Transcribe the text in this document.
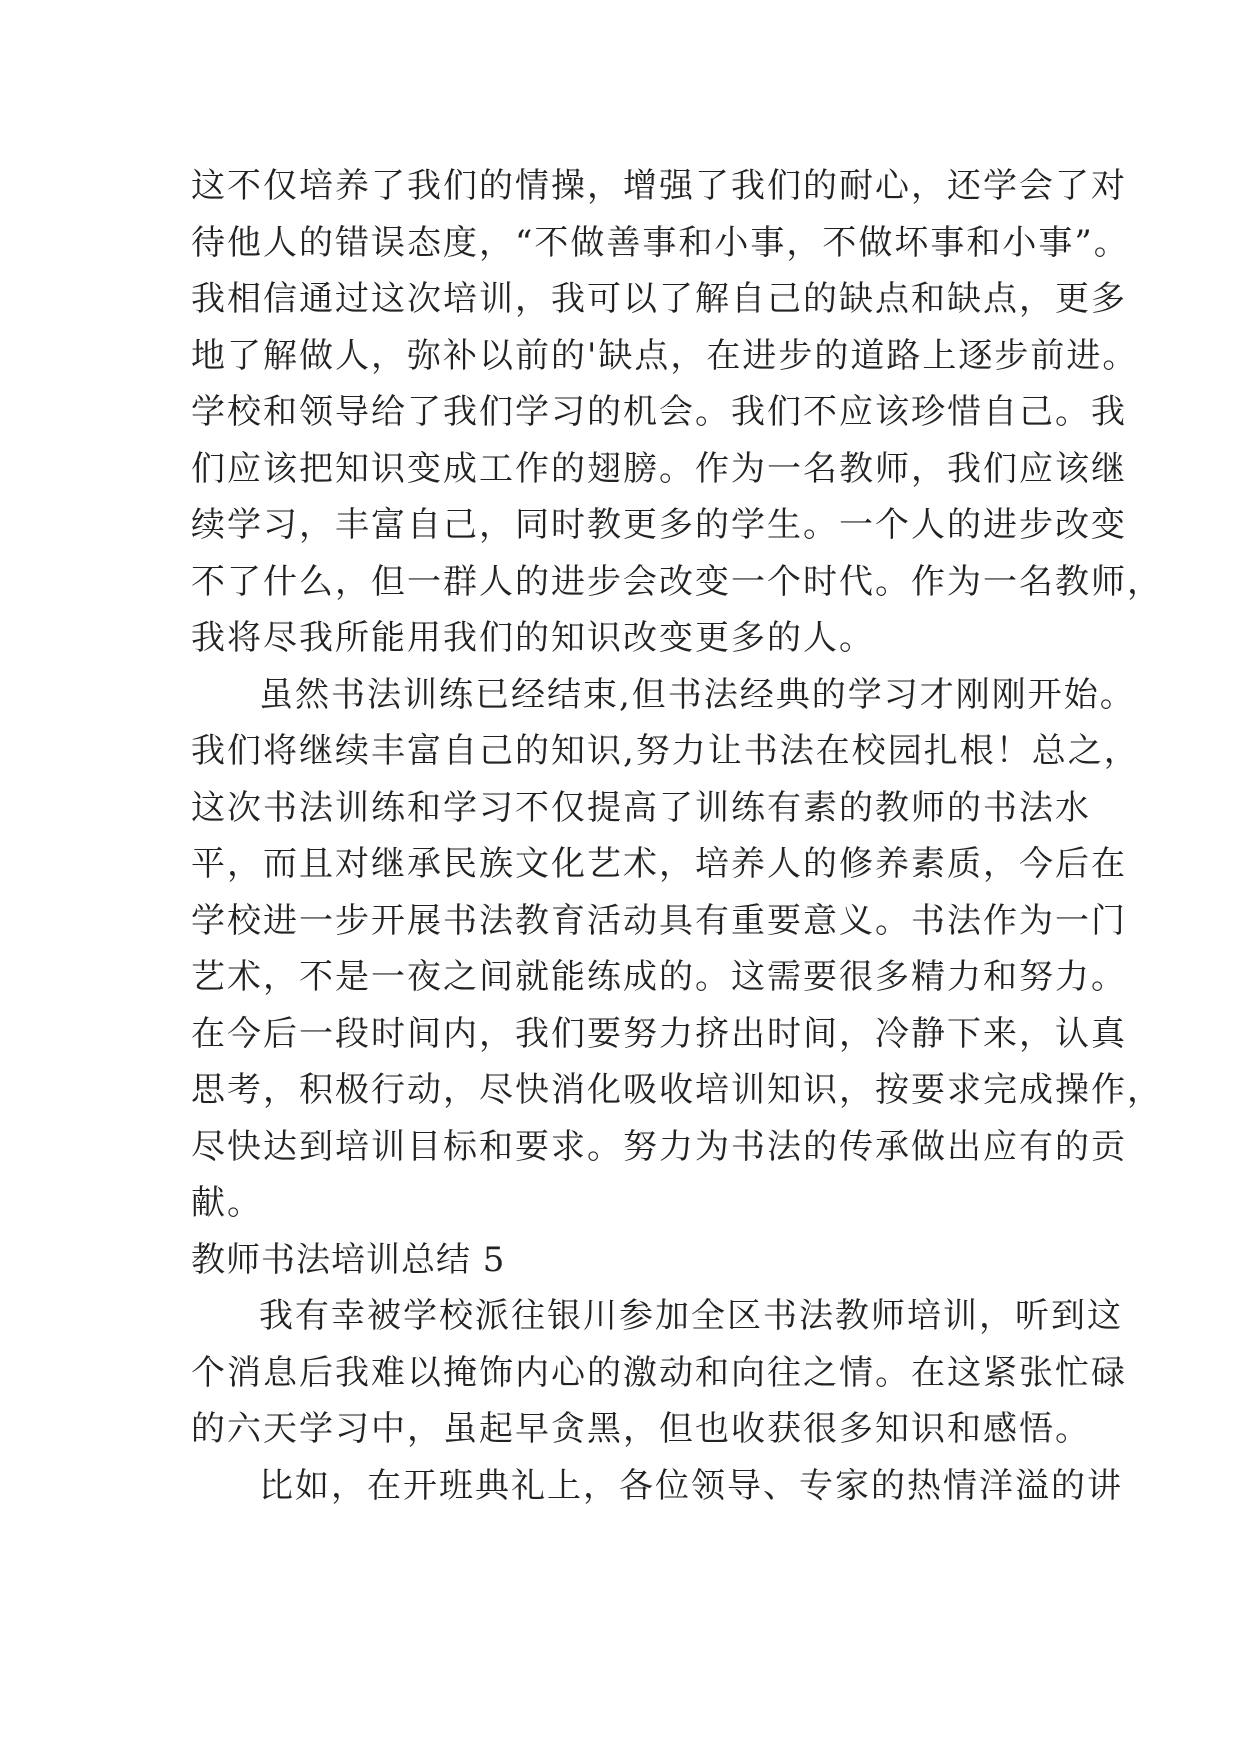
这不仅培养了我们的情操，增强了我们的耐心，还学会了对
待他人的错误态度，“不做善事和小事，不做坏事和小事”。
我相信通过这次培训，我可以了解自己的缺点和缺点，更多
地了解做人，弥补以前的'缺点，在进步的道路上逐步前进。
学校和领导给了我们学习的机会。我们不应该珍惜自己。我
们应该把知识变成工作的翅膀。作为一名教师，我们应该继
续学习，丰富自己，同时教更多的学生。一个人的进步改变
不了什么，但一群人的进步会改变一个时代。作为一名教师，
我将尽我所能用我们的知识改变更多的人。
虽然书法训练已经结束,但书法经典的学习才刚刚开始。
我们将继续丰富自己的知识,努力让书法在校园扎根！总之，
这次书法训练和学习不仅提高了训练有素的教师的书法水
平，而且对继承民族文化艺术，培养人的修养素质，今后在
学校进一步开展书法教育活动具有重要意义。书法作为一门
艺术，不是一夜之间就能练成的。这需要很多精力和努力。
在今后一段时间内，我们要努力挤出时间，冷静下来，认真
思考，积极行动，尽快消化吸收培训知识，按要求完成操作，
尽快达到培训目标和要求。努力为书法的传承做出应有的贡
献。
教师书法培训总结 5
我有幸被学校派往银川参加全区书法教师培训，听到这
个消息后我难以掩饰内心的激动和向往之情。在这紧张忙碌
的六天学习中，虽起早贪黑，但也收获很多知识和感悟。
比如，在开班典礼上，各位领导、专家的热情洋溢的讲
